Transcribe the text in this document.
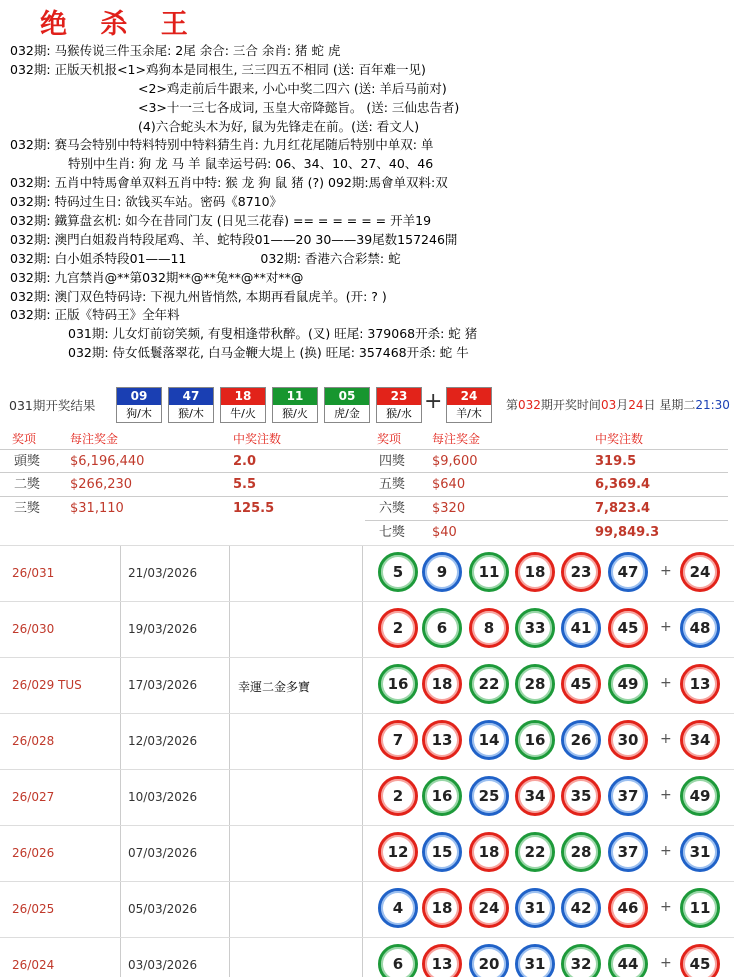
绝 杀 王
032期: 马猴传说三件玉余尾: 2尾 余合: 三合 余肖: 猪 蛇 虎
032期: 正版天机报<1>鸡狗本是同根生, 三三四五不相同 (送: 百年难一见)
<2>鸡走前后牛跟来, 小心中奖二四六 (送: 羊后马前对)
<3>十一三七各成词, 玉皇大帝降懿旨。 (送: 三仙忠告者)
(4)六合蛇头木为好, 鼠为先锋走在前。(送: 看文人)
032期: 赛马会特别中特料特别中特料猜生肖: 九月红花尾随后特别中单双: 单
特别中生肖: 狗 龙 马 羊 鼠幸运号码: 06、34、10、27、40、46
032期: 五肖中特馬會单双料五肖中特: 猴 龙 狗 鼠 猪 (?) 092期:馬會单双料:双
032期: 特码过生日: 欲钱买车站。密码《8710》
032期: 鐵算盘玄机: 如今在昔同门友 (日见三花春) == = = = = = 开羊19
032期: 澳門白姐殺肖特段尾鸡、羊、蛇特段01——20 30——39尾数157246開
032期: 白小姐杀特段01——11	032期: 香港六合彩禁: 蛇
032期: 九宫禁肖@**第032期**@**兔**@**对**@
032期: 澳门双色特码诗: 下视九州皆悄然, 本期再看鼠虎羊。(开: ? )
032期: 正版《特码王》全年料
031期: 儿女灯前窃笑频, 有叟相逢带秋醉。(叉) 旺尾: 379068开杀: 蛇 猪
032期: 侍女低鬟落翠花, 白马金鞭大堤上 (换) 旺尾: 357468开杀: 蛇 牛
031期开奖结果
09
狗/木
47
猴/木
18
牛/火
11
猴/火
05
虎/金
23
猴/水
24
羊/木
+	第032期开奖时间03月24日 星期二21:30
奖项	每注奖金	中奖注数	奖项	每注奖金	中奖注数
頭獎 $6,196,440	2.0
二獎 $266,230	5.5
三獎 $31,110	125.5
四獎 $9,600	319.5
五獎 $640	6,369.4
六獎 $320	7,823.4
七獎 $40	99,849.3
26/031	21/03/2026	5	9	11	18	23	47	+	24
26/030	19/03/2026	2	6	8	33	41	45	+	48
26/029 TUS	17/03/2026	幸運二金多寶	16	18	22	28	45	49	+	13
26/028	12/03/2026	7	13	14	16	26	30	+	34
26/027	10/03/2026	2	16	25	34	35	37	+	49
26/026	07/03/2026	12	15	18	22	28	37	+	31
26/025	05/03/2026	4	18	24	31	42	46	+	11
26/024	03/03/2026	6	13	20	31	32	44	+	45
